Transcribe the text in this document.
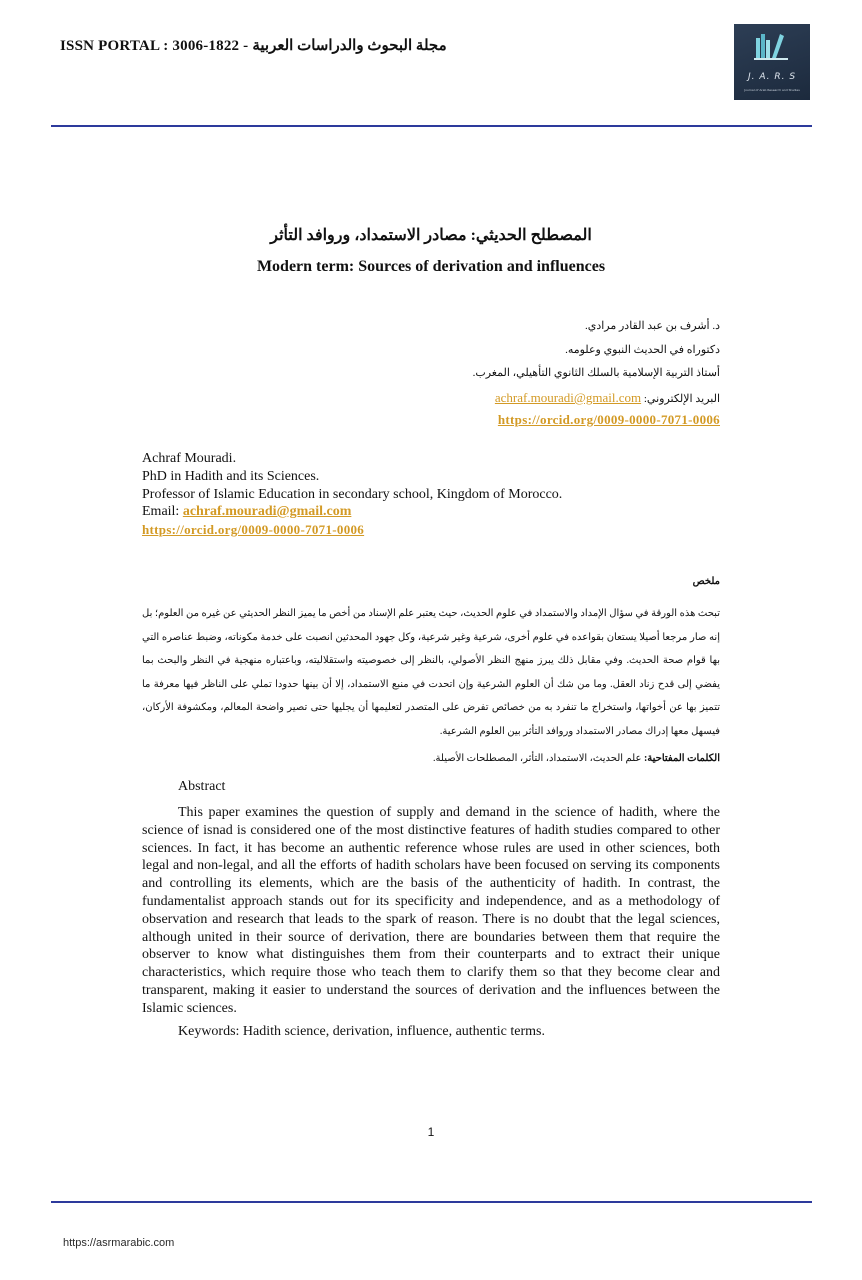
ISSN PORTAL : 3006-1822 - مجلة البحوث والدراسات العربية
J. A. R. S
Journal of Arab Research and Studies
المصطلح الحديثي: مصادر الاستمداد، وروافد التأثر
Modern term: Sources of derivation and influences
د. أشرف بن عبد القادر مرادي.
دكتوراه في الحديث النبوي وعلومه.
أستاذ التربية الإسلامية بالسلك الثانوي التأهيلي، المغرب.
البريد الإلكتروني: achraf.mouradi@gmail.com
https://orcid.org/0009-0000-7071-0006
Achraf Mouradi.
PhD in Hadith and its Sciences.
Professor of Islamic Education in secondary school, Kingdom of Morocco.
Email: achraf.mouradi@gmail.com
https://orcid.org/0009-0000-7071-0006
ملخص
تبحث هذه الورقة في سؤال الإمداد والاستمداد في علوم الحديث، حيث يعتبر علم الإسناد من أخص ما يميز النظر الحديثي عن غيره من العلوم؛ بل إنه صار مرجعا أصيلا يستعان بقواعده في علوم أخرى، شرعية وغير شرعية، وكل جهود المحدثين انصبت على خدمة مكوناته، وضبط عناصره التي بها قوام صحة الحديث. وفي مقابل ذلك يبرز منهج النظر الأصولي، بالنظر إلى خصوصيته واستقلاليته، وباعتباره منهجية في النظر والبحث بما يفضي إلى قدح زناد العقل. وما من شك أن العلوم الشرعية وإن اتحدت في منبع الاستمداد، إلا أن بينها حدودا تملي على الناظر فيها معرفة ما تتميز بها عن أخواتها، واستخراج ما تنفرد به من خصائص تفرض على المتصدر لتعليمها أن يجليها حتى تصير واضحة المعالم، ومكشوفة الأركان، فيسهل معها إدراك مصادر الاستمداد وروافد التأثر بين العلوم الشرعية.
الكلمات المفتاحية: علم الحديث، الاستمداد، التأثر، المصطلحات الأصيلة.
Abstract
This paper examines the question of supply and demand in the science of hadith, where the science of isnad is considered one of the most distinctive features of hadith studies compared to other sciences. In fact, it has become an authentic reference whose rules are used in other sciences, both legal and non-legal, and all the efforts of hadith scholars have been focused on serving its components and controlling its elements, which are the basis of the authenticity of hadith. In contrast, the fundamentalist approach stands out for its specificity and independence, and as a methodology of observation and research that leads to the spark of reason. There is no doubt that the legal sciences, although united in their source of derivation, there are boundaries between them that require the observer to know what distinguishes them from their counterparts and to extract their unique characteristics, which require those who teach them to clarify them so that they become clear and transparent, making it easier to understand the sources of derivation and the influences between the Islamic sciences.
Keywords: Hadith science, derivation, influence, authentic terms.
1
https://asrmarabic.com
